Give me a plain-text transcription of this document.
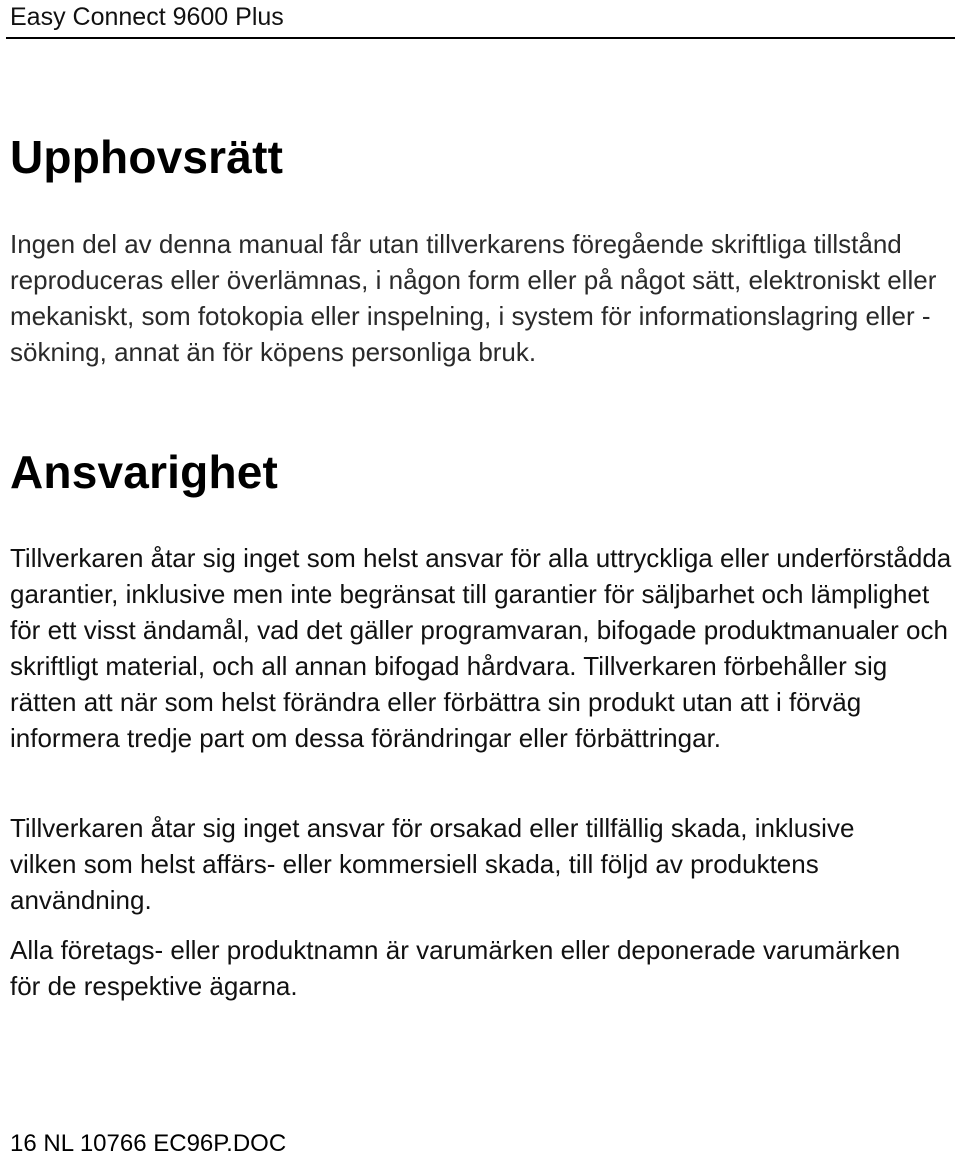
Easy Connect 9600 Plus
Upphovsrätt

Ingen del av denna manual får utan tillverkarens föregående skriftliga tillstånd reproduceras eller överlämnas, i någon form eller på något sätt, elektroniskt eller mekaniskt, som fotokopia eller inspelning, i system för informationslagring eller -sökning, annat än för köpens personliga bruk.

Ansvarighet

Tillverkaren åtar sig inget som helst ansvar för alla uttryckliga eller underförstådda garantier, inklusive men inte begränsat till garantier för säljbarhet och lämplighet för ett visst ändamål, vad det gäller programvaran, bifogade produktmanualer och skriftligt material, och all annan bifogad hårdvara. Tillverkaren förbehåller sig rätten att när som helst förändra eller förbättra sin produkt utan att i förväg informera tredje part om dessa förändringar eller förbättringar.

Tillverkaren åtar sig inget ansvar för orsakad eller tillfällig skada, inklusive vilken som helst affärs- eller kommersiell skada, till följd av produktens användning.

Alla företags- eller produktnamn är varumärken eller deponerade varumärken för de respektive ägarna.

16 NL 10766 EC96P.DOC
